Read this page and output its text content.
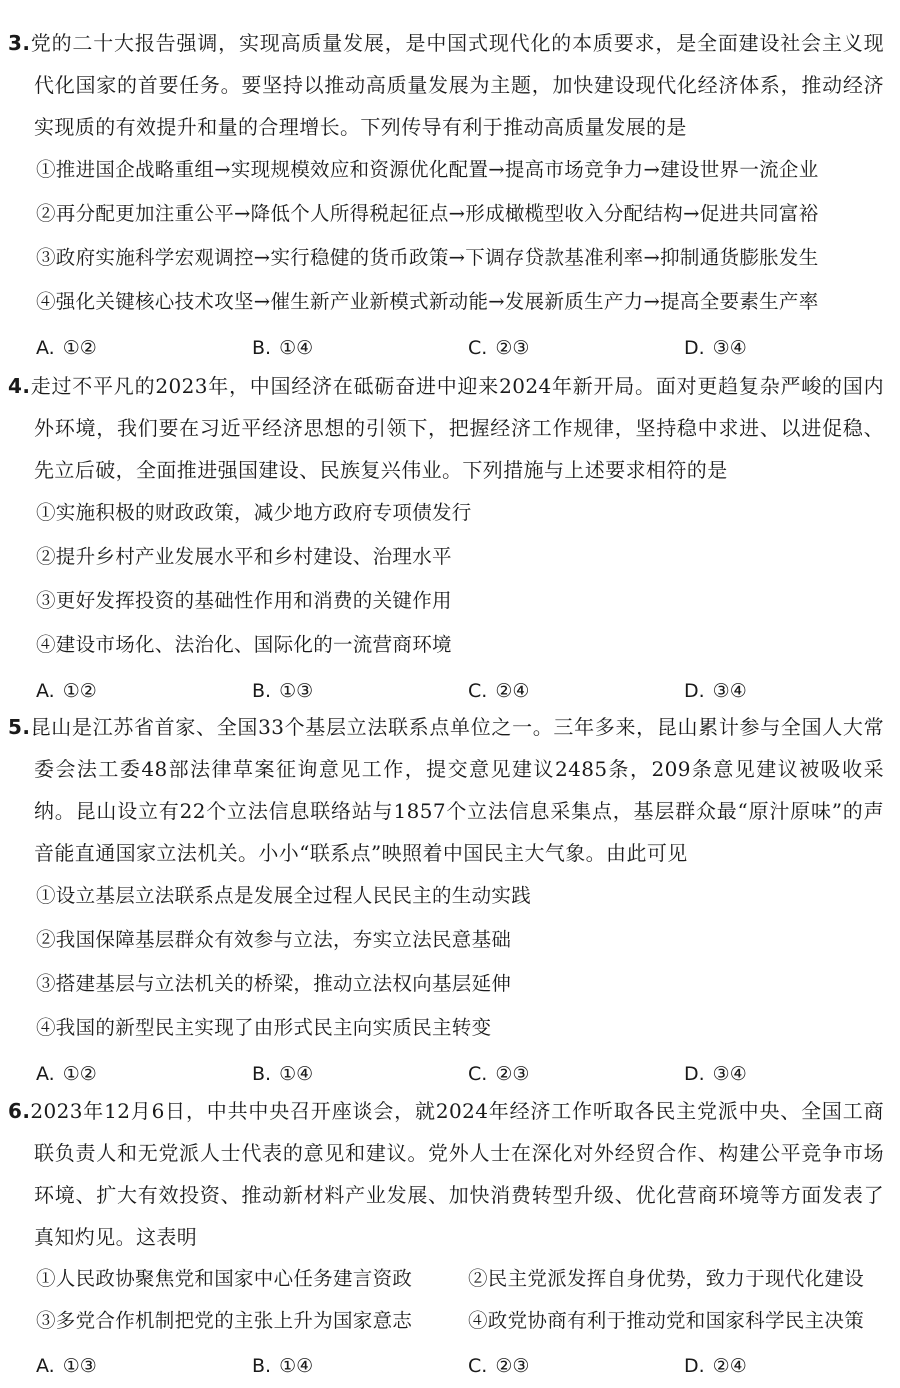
3.党的二十大报告强调，实现高质量发展，是中国式现代化的本质要求，是全面建设社会主义现代化国家的首要任务。要坚持以推动高质量发展为主题，加快建设现代化经济体系，推动经济实现质的有效提升和量的合理增长。下列传导有利于推动高质量发展的是

①推进国企战略重组→实现规模效应和资源优化配置→提高市场竞争力→建设世界一流企业

②再分配更加注重公平→降低个人所得税起征点→形成橄榄型收入分配结构→促进共同富裕

③政府实施科学宏观调控→实行稳健的货币政策→下调存贷款基准利率→抑制通货膨胀发生

④强化关键核心技术攻坚→催生新产业新模式新动能→发展新质生产力→提高全要素生产率

A. ①②	B. ①④	C. ②③	D. ③④

4.走过不平凡的2023年，中国经济在砥砺奋进中迎来2024年新开局。面对更趋复杂严峻的国内外环境，我们要在习近平经济思想的引领下，把握经济工作规律，坚持稳中求进、以进促稳、先立后破，全面推进强国建设、民族复兴伟业。下列措施与上述要求相符的是

①实施积极的财政政策，减少地方政府专项债发行

②提升乡村产业发展水平和乡村建设、治理水平

③更好发挥投资的基础性作用和消费的关键作用

④建设市场化、法治化、国际化的一流营商环境

A. ①②	B. ①③	C. ②④	D. ③④

5.昆山是江苏省首家、全国33个基层立法联系点单位之一。三年多来，昆山累计参与全国人大常委会法工委48部法律草案征询意见工作，提交意见建议2485条，209条意见建议被吸收采纳。昆山设立有22个立法信息联络站与1857个立法信息采集点，基层群众最“原汁原味”的声音能直通国家立法机关。小小“联系点”映照着中国民主大气象。由此可见

①设立基层立法联系点是发展全过程人民民主的生动实践

②我国保障基层群众有效参与立法，夯实立法民意基础

③搭建基层与立法机关的桥梁，推动立法权向基层延伸

④我国的新型民主实现了由形式民主向实质民主转变

A. ①②	B. ①④	C. ②③	D. ③④

6.2023年12月6日，中共中央召开座谈会，就2024年经济工作听取各民主党派中央、全国工商联负责人和无党派人士代表的意见和建议。党外人士在深化对外经贸合作、构建公平竞争市场环境、扩大有效投资、推动新材料产业发展、加快消费转型升级、优化营商环境等方面发表了真知灼见。这表明

①人民政协聚焦党和国家中心任务建言资政	②民主党派发挥自身优势，致力于现代化建设
③多党合作机制把党的主张上升为国家意志	④政党协商有利于推动党和国家科学民主决策
A. ①③	B. ①④	C. ②③	D. ②④
